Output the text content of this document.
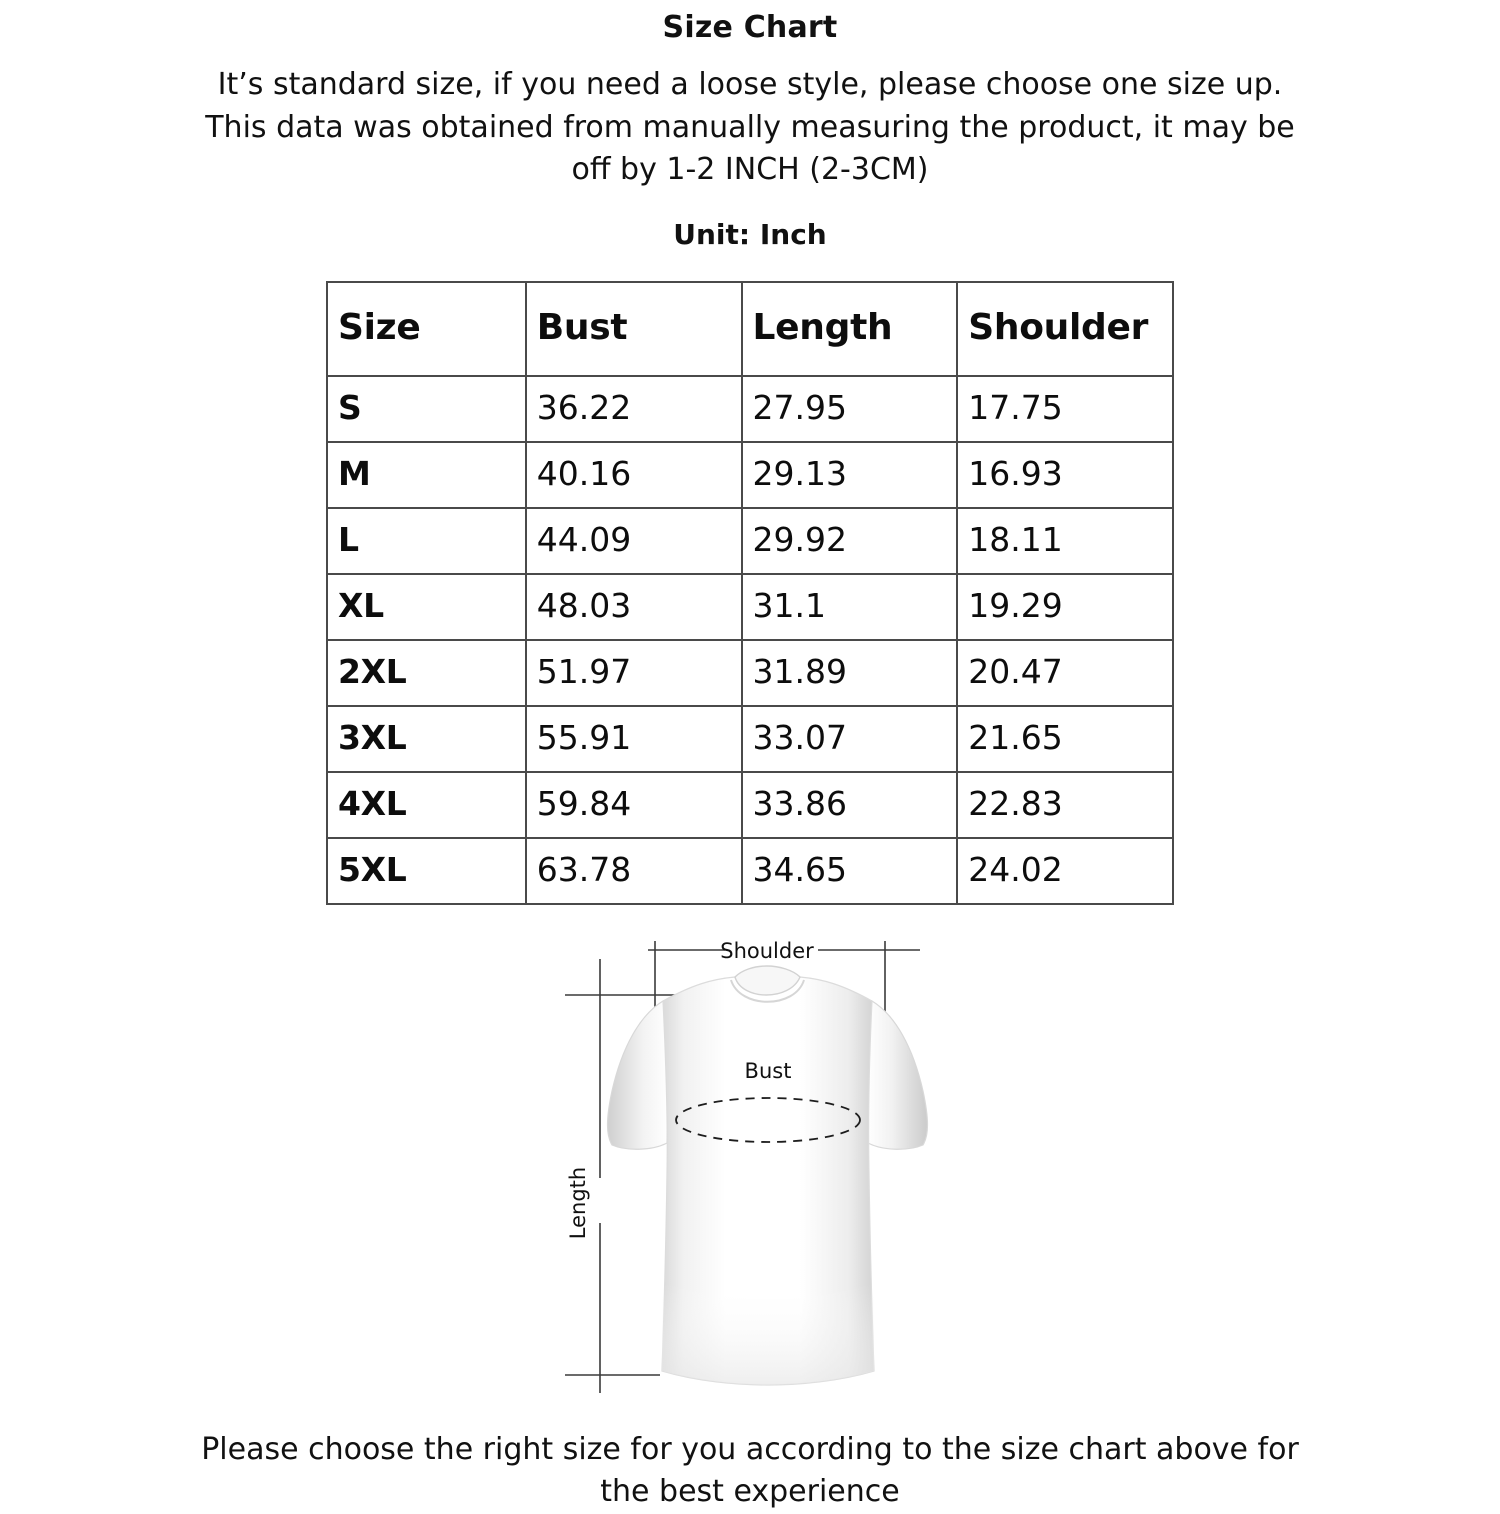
Size Chart
It’s standard size, if you need a loose style, please choose one size up. This data was obtained from manually measuring the product, it may be off by 1-2 INCH (2-3CM)
Unit: Inch
Size	Bust	Length	Shoulder
S	36.22	27.95	17.75
M	40.16	29.13	16.93
L	44.09	29.92	18.11
XL	48.03	31.1	19.29
2XL	51.97	31.89	20.47
3XL	55.91	33.07	21.65
4XL	59.84	33.86	22.83
5XL	63.78	34.65	24.02
Shoulder
Length
Bust
Please choose the right size for you according to the size chart above for the best experience
